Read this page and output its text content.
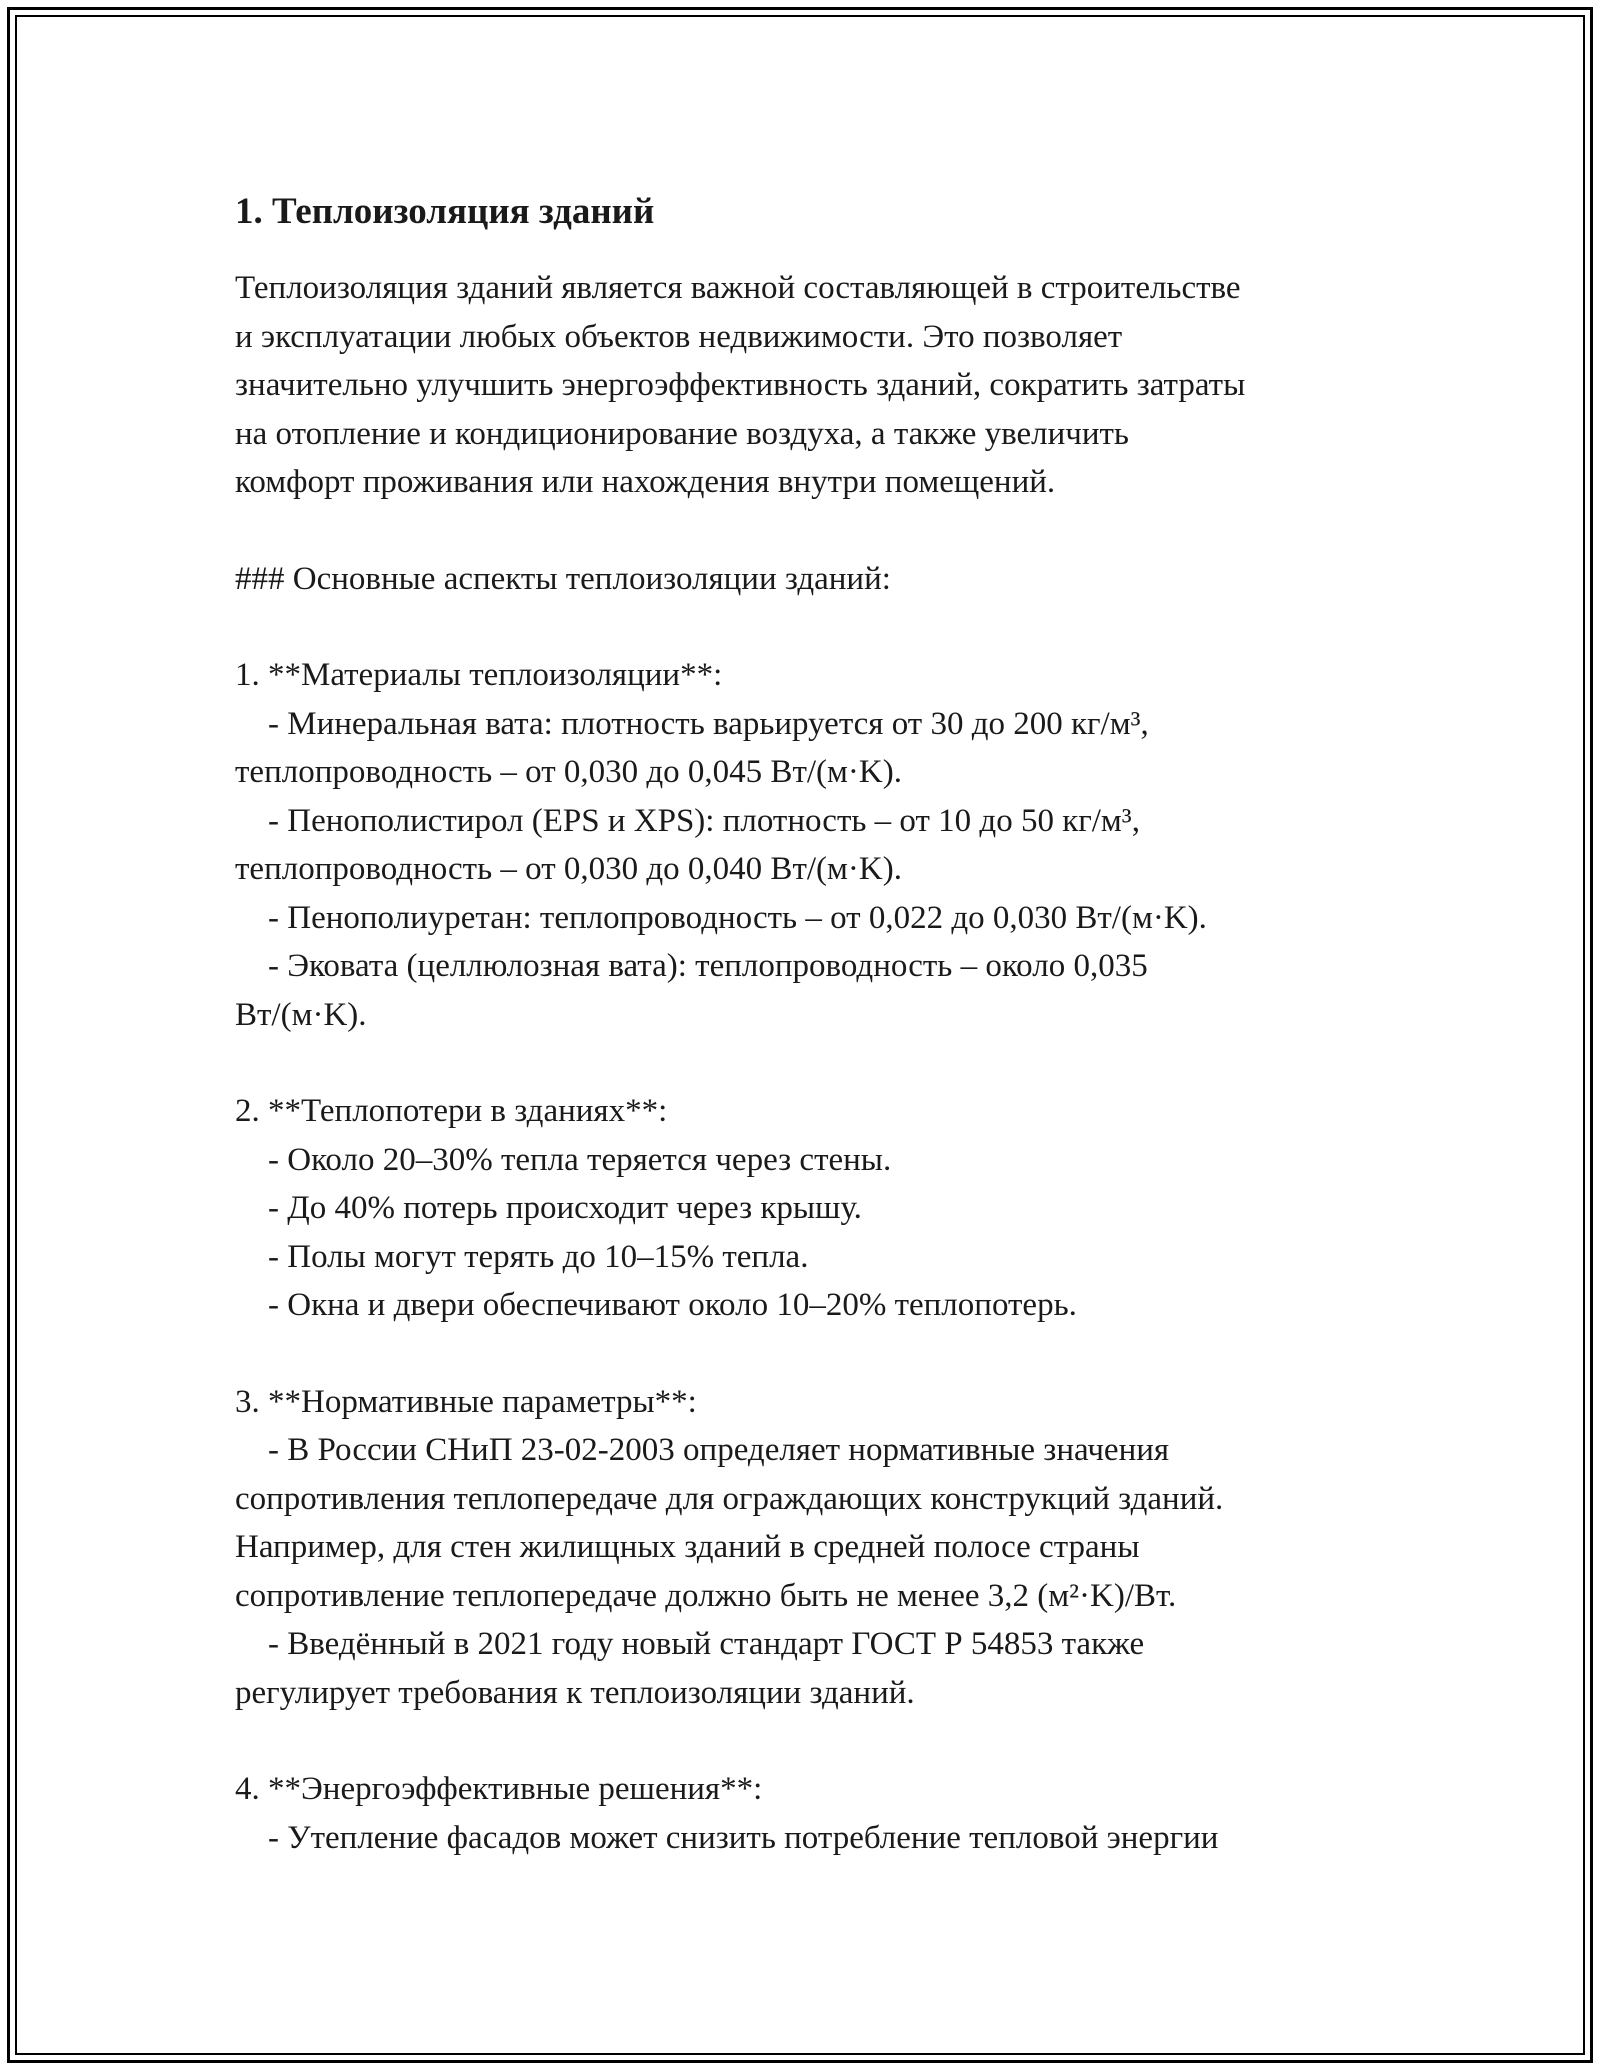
1. Теплоизоляция зданий
Теплоизоляция зданий является важной составляющей в строительстве
и эксплуатации любых объектов недвижимости. Это позволяет
значительно улучшить энергоэффективность зданий, сократить затраты
на отопление и кондиционирование воздуха, а также увеличить
комфорт проживания или нахождения внутри помещений.
### Основные аспекты теплоизоляции зданий:
1. **Материалы теплоизоляции**:
- Минеральная вата: плотность варьируется от 30 до 200 кг/м³,
теплопроводность – от 0,030 до 0,045 Вт/(м·K).
- Пенополистирол (EPS и XPS): плотность – от 10 до 50 кг/м³,
теплопроводность – от 0,030 до 0,040 Вт/(м·K).
- Пенополиуретан: теплопроводность – от 0,022 до 0,030 Вт/(м·K).
- Эковата (целлюлозная вата): теплопроводность – около 0,035
Вт/(м·K).
2. **Теплопотери в зданиях**:
- Около 20–30% тепла теряется через стены.
- До 40% потерь происходит через крышу.
- Полы могут терять до 10–15% тепла.
- Окна и двери обеспечивают около 10–20% теплопотерь.
3. **Нормативные параметры**:
- В России СНиП 23-02-2003 определяет нормативные значения
сопротивления теплопередаче для ограждающих конструкций зданий.
Например, для стен жилищных зданий в средней полосе страны
сопротивление теплопередаче должно быть не менее 3,2 (м²·K)/Вт.
- Введённый в 2021 году новый стандарт ГОСТ Р 54853 также
регулирует требования к теплоизоляции зданий.
4. **Энергоэффективные решения**:
- Утепление фасадов может снизить потребление тепловой энергии
